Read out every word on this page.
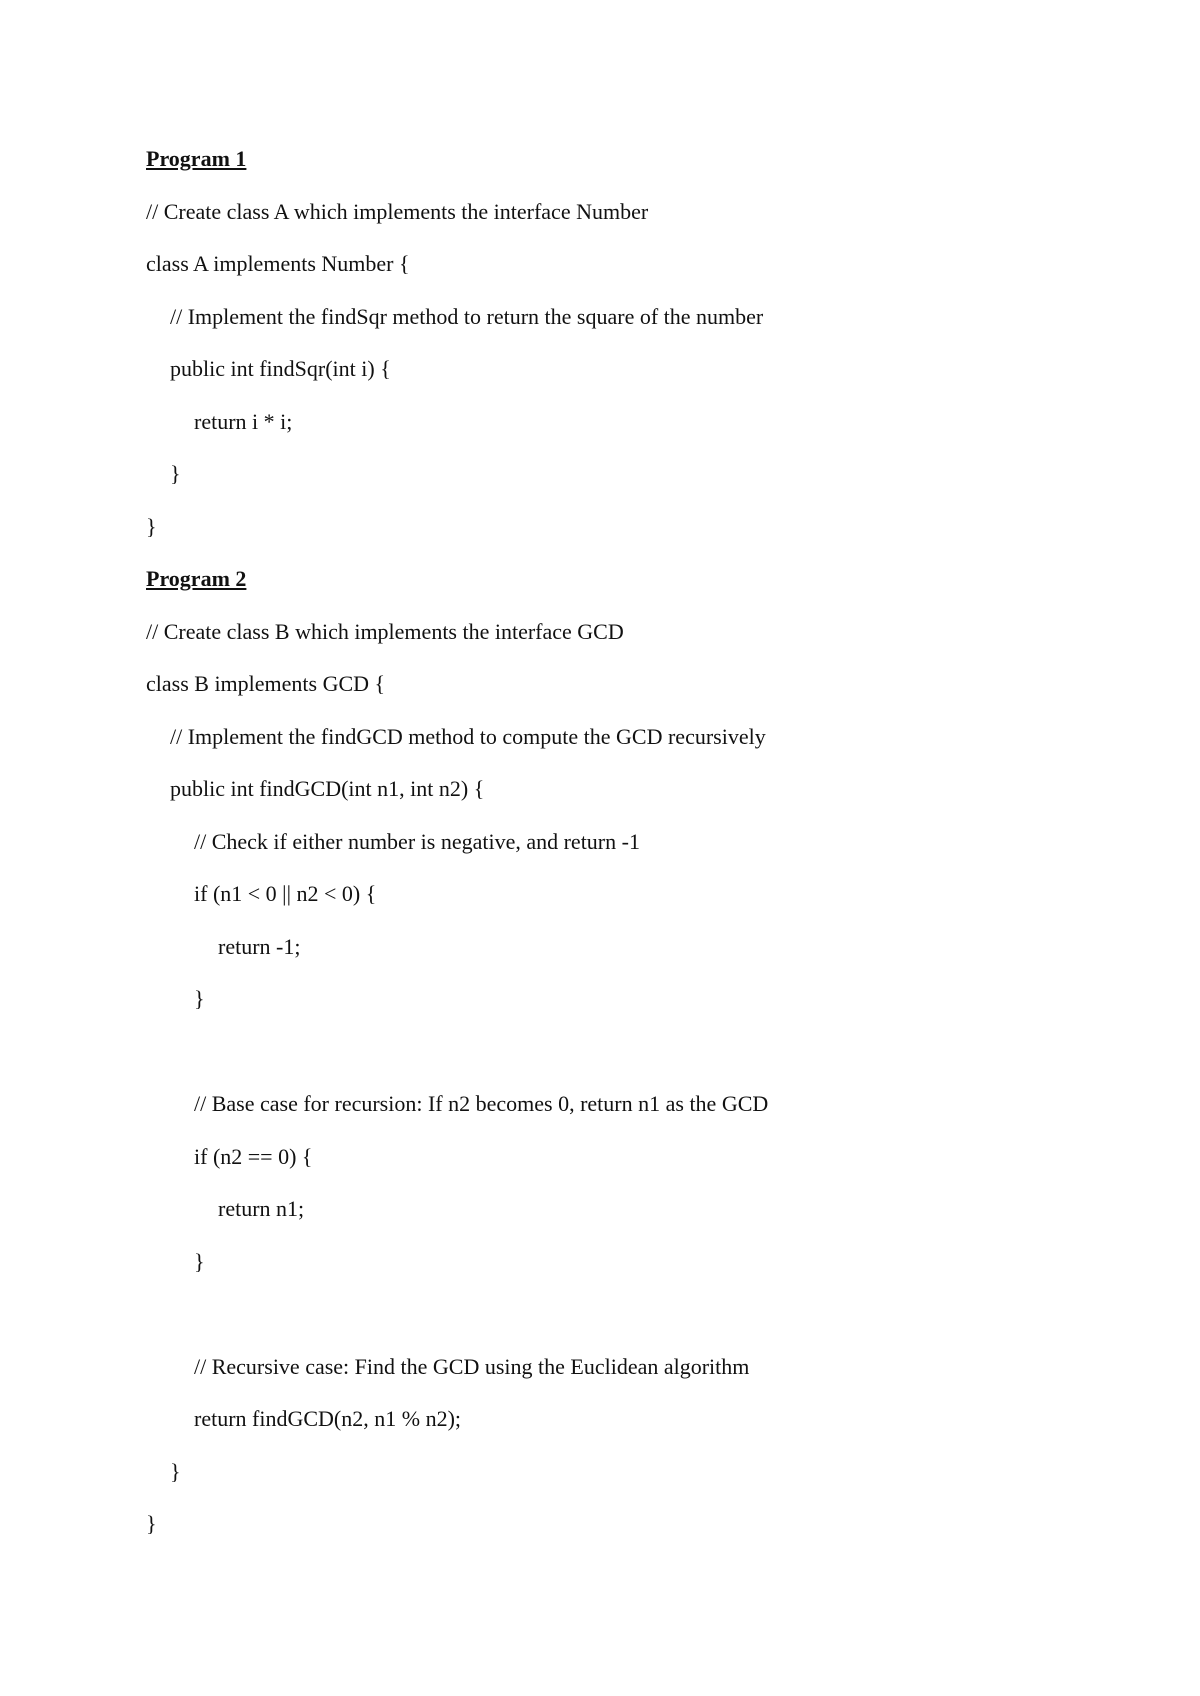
Program 1
// Create class A which implements the interface Number
class A implements Number {
// Implement the findSqr method to return the square of the number
public int findSqr(int i) {
return i * i;
}
}
Program 2
// Create class B which implements the interface GCD
class B implements GCD {
// Implement the findGCD method to compute the GCD recursively
public int findGCD(int n1, int n2) {
// Check if either number is negative, and return -1
if (n1 < 0 || n2 < 0) {
return -1;
}
// Base case for recursion: If n2 becomes 0, return n1 as the GCD
if (n2 == 0) {
return n1;
}
// Recursive case: Find the GCD using the Euclidean algorithm
return findGCD(n2, n1 % n2);
}
}
